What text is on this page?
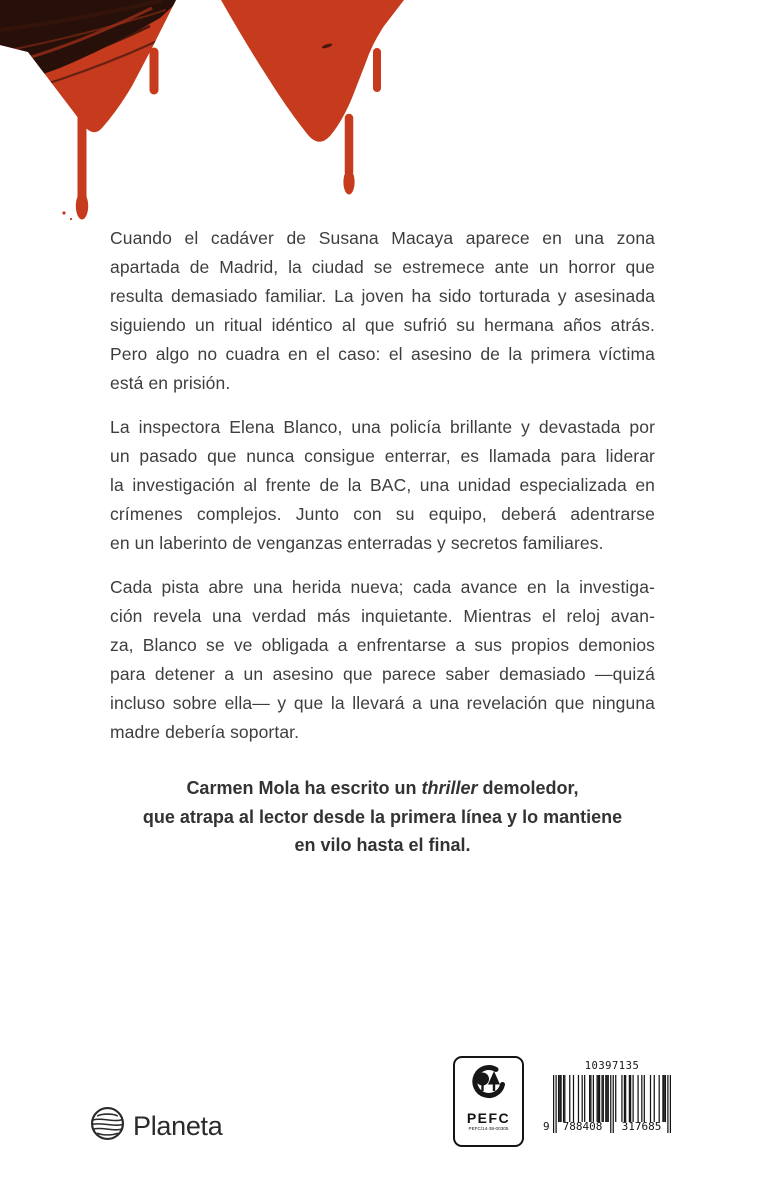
Cuando el cadáver de Susana Macaya aparece en una zona
apartada de Madrid, la ciudad se estremece ante un horror que
resulta demasiado familiar. La joven ha sido torturada y asesinada
siguiendo un ritual idéntico al que sufrió su hermana años atrás.
Pero algo no cuadra en el caso: el asesino de la primera víctima
está en prisión.
La inspectora Elena Blanco, una policía brillante y devastada por
un pasado que nunca consigue enterrar, es llamada para liderar
la investigación al frente de la BAC, una unidad especializada en
crímenes complejos. Junto con su equipo, deberá adentrarse
en un laberinto de venganzas enterradas y secretos familiares.
Cada pista abre una herida nueva; cada avance en la investiga-
ción revela una verdad más inquietante. Mientras el reloj avan-
za, Blanco se ve obligada a enfrentarse a sus propios demonios
para detener a un asesino que parece saber demasiado —quizá
incluso sobre ella— y que la llevará a una revelación que ninguna
madre debería soportar.
Carmen Mola ha escrito un thriller demoledor,
que atrapa al lector desde la primera línea y lo mantiene
en vilo hasta el final.
Planeta	PEFC
PEFC/14-38-00305
10397135
9	788408	317685
